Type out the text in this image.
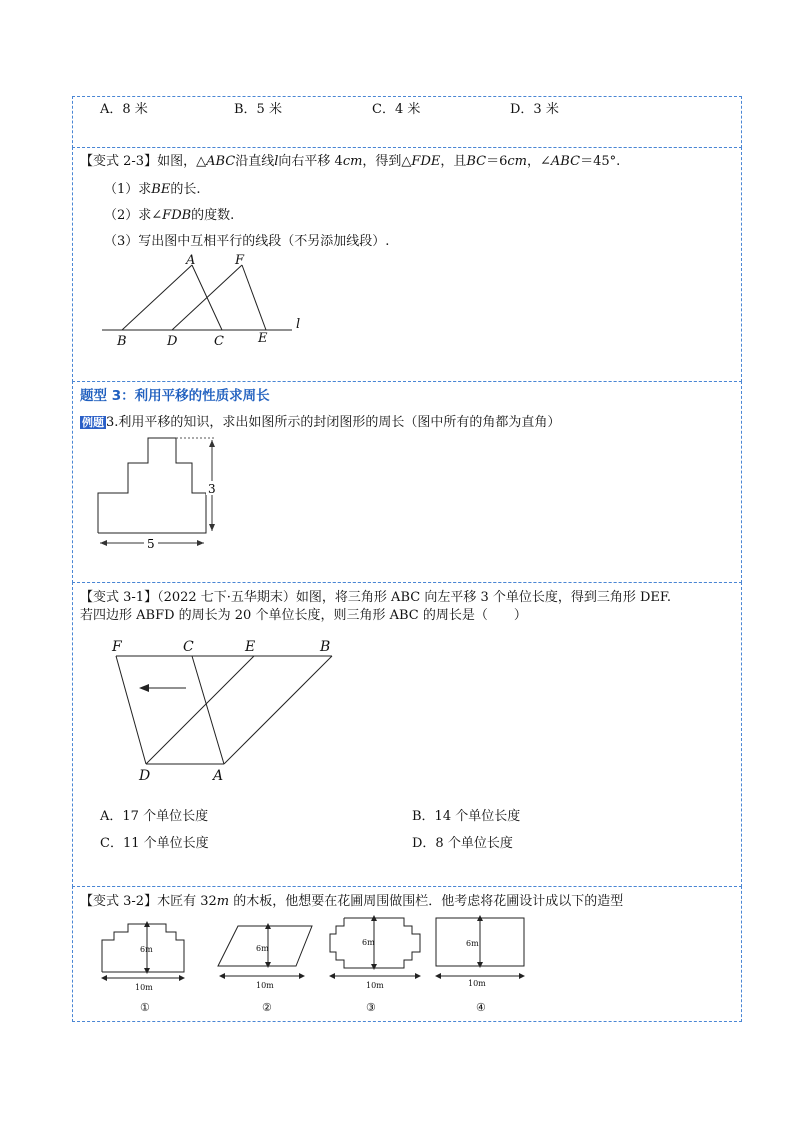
A．8 米	B．5 米	C．4 米	D．3 米
【变式 2-3】如图，△ABC沿直线l向右平移 4cm，得到△FDE，且BC＝6cm，∠ABC＝45°.
（1）求BE的长.
（2）求∠FDB的度数.
（3）写出图中互相平行的线段（不另添加线段）.
A	F
B	D	C	E
l
题型 3：利用平移的性质求周长
例题 3.利用平移的知识，求出如图所示的封闭图形的周长（图中所有的角都为直角）
3
5
【变式 3-1】（2022 七下·五华期末）如图，将三角形 ABC 向左平移 3 个单位长度，得到三角形 DEF.
若四边形 ABFD 的周长为 20 个单位长度，则三角形 ABC 的周长是（　　）
F	C	E	B
D	A
A．17 个单位长度	B．14 个单位长度
C．11 个单位长度	D．8 个单位长度
【变式 3-2】木匠有 32m 的木板，他想要在花圃周围做围栏．他考虑将花圃设计成以下的造型
6m
10m
6m
10m
6m
10m
6m
10m
①	②	③	④
